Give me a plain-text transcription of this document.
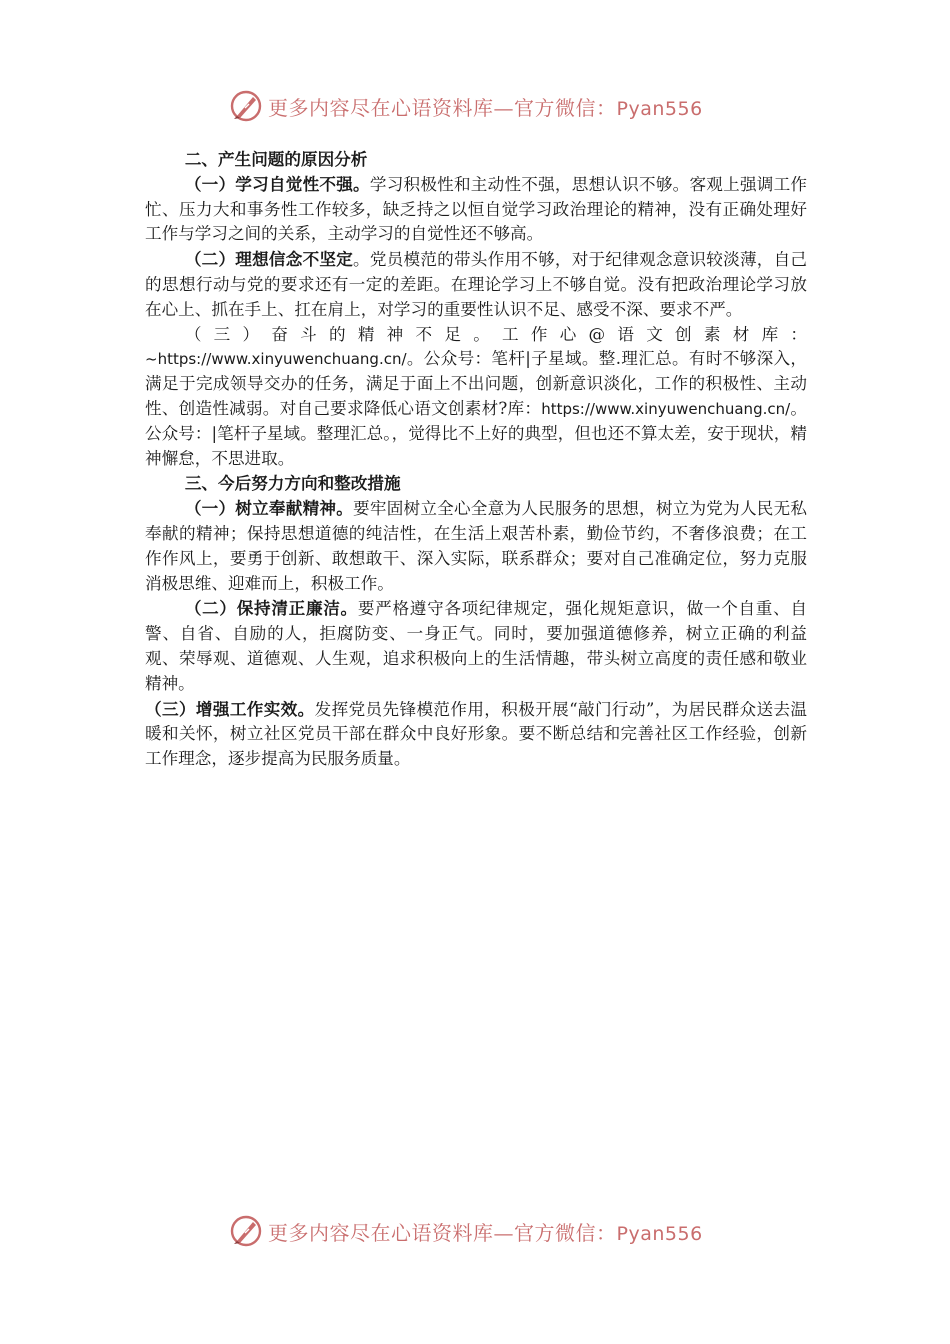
更多内容尽在心语资料库—官方微信：Pyan556

二、产生问题的原因分析

（一）学习自觉性不强。学习积极性和主动性不强，思想认识不够。客观上强调工作忙、压力大和事务性工作较多，缺乏持之以恒自觉学习政治理论的精神，没有正确处理好工作与学习之间的关系，主动学习的自觉性还不够高。

（二）理想信念不坚定。党员模范的带头作用不够，对于纪律观念意识较淡薄，自己的思想行动与党的要求还有一定的差距。在理论学习上不够自觉。没有把政治理论学习放在心上、抓在手上、扛在肩上，对学习的重要性认识不足、感受不深、要求不严。

（三）奋斗的精神不足。工作心@语文创素材库：~https://www.xinyuwenchuang.cn/。公众号：笔杆|子星域。整.理汇总。有时不够深入，满足于完成领导交办的任务，满足于面上不出问题，创新意识淡化，工作的积极性、主动性、创造性减弱。对自己要求降低心语文创素材?库：https://www.xinyuwenchuang.cn/。公众号：|笔杆子星域。整理汇总。，觉得比不上好的典型，但也还不算太差，安于现状，精神懈怠，不思进取。

三、今后努力方向和整改措施

（一）树立奉献精神。要牢固树立全心全意为人民服务的思想，树立为党为人民无私奉献的精神；保持思想道德的纯洁性，在生活上艰苦朴素，勤俭节约，不奢侈浪费；在工作作风上，要勇于创新、敢想敢干、深入实际，联系群众；要对自己准确定位，努力克服消极思维、迎难而上，积极工作。

（二）保持清正廉洁。要严格遵守各项纪律规定，强化规矩意识，做一个自重、自警、自省、自励的人，拒腐防变、一身正气。同时，要加强道德修养，树立正确的利益观、荣辱观、道德观、人生观，追求积极向上的生活情趣，带头树立高度的责任感和敬业精神。

（三）增强工作实效。发挥党员先锋模范作用，积极开展“敲门行动”，为居民群众送去温暖和关怀，树立社区党员干部在群众中良好形象。要不断总结和完善社区工作经验，创新工作理念，逐步提高为民服务质量。

更多内容尽在心语资料库—官方微信：Pyan556
